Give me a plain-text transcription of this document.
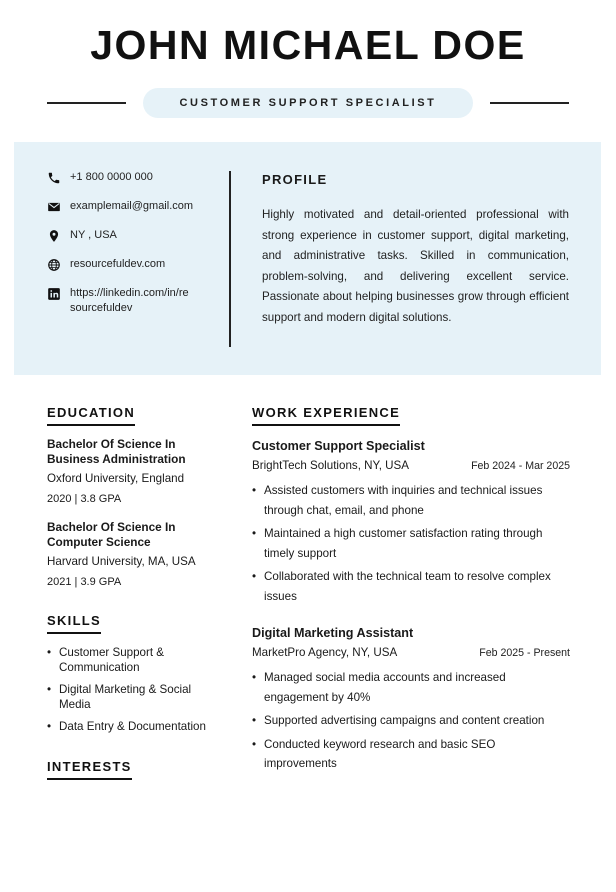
JOHN MICHAEL DOE
CUSTOMER SUPPORT SPECIALIST
+1 800 0000 000
examplemail@gmail.com
NY , USA
resourcefuldev.com
https://linkedin.com/in/re sourcefuldev
PROFILE

Highly motivated and detail-oriented professional with strong experience in customer support, digital marketing, and administrative tasks. Skilled in communication, problem-solving, and delivering excellent service. Passionate about helping businesses grow through efficient support and modern digital solutions.

EDUCATION
Bachelor Of Science In Business Administration
Oxford University, England
2020 | 3.8 GPA
Bachelor Of Science In Computer Science
Harvard University, MA, USA
2021 | 3.9 GPA
SKILLS
• Customer Support & Communication
• Digital Marketing & Social Media
• Data Entry & Documentation
INTERESTS
WORK EXPERIENCE
Customer Support Specialist
BrightTech Solutions, NY, USA	Feb 2024 - Mar 2025
• Assisted customers with inquiries and technical issues through chat, email, and phone
• Maintained a high customer satisfaction rating through timely support
• Collaborated with the technical team to resolve complex issues
Digital Marketing Assistant
MarketPro Agency, NY, USA	Feb 2025 - Present
• Managed social media accounts and increased engagement by 40%
• Supported advertising campaigns and content creation
• Conducted keyword research and basic SEO improvements
